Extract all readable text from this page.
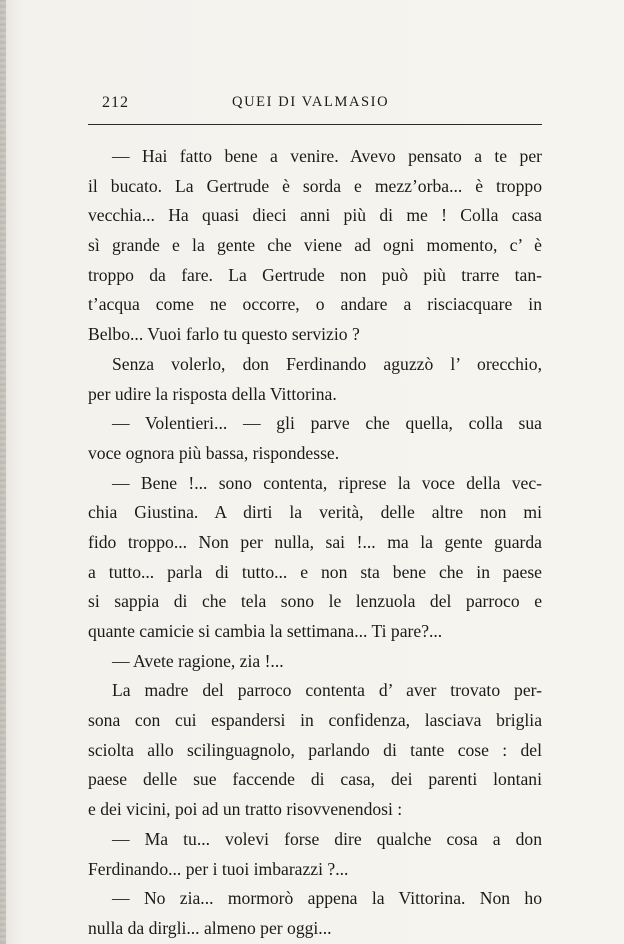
212	QUEI DI VALMASIO
— Hai fatto bene a venire. Avevo pensato a te per
il bucato. La Gertrude è sorda e mezz’orba... è troppo
vecchia... Ha quasi dieci anni più di me ! Colla casa
sì grande e la gente che viene ad ogni momento, c’ è
troppo da fare. La Gertrude non può più trarre tan-
t’acqua come ne occorre, o andare a risciacquare in
Belbo... Vuoi farlo tu questo servizio ?
Senza volerlo, don Ferdinando aguzzò l’ orecchio,
per udire la risposta della Vittorina.
— Volentieri... — gli parve che quella, colla sua
voce ognora più bassa, rispondesse.
— Bene !... sono contenta, riprese la voce della vec-
chia Giustina. A dirti la verità, delle altre non mi
fido troppo... Non per nulla, sai !... ma la gente guarda
a tutto... parla di tutto... e non sta bene che in paese
si sappia di che tela sono le lenzuola del parroco e
quante camicie si cambia la settimana... Ti pare?...
— Avete ragione, zia !...
La madre del parroco contenta d’ aver trovato per-
sona con cui espandersi in confidenza, lasciava briglia
sciolta allo scilinguagnolo, parlando di tante cose : del
paese delle sue faccende di casa, dei parenti lontani
e dei vicini, poi ad un tratto risovvenendosi :
— Ma tu... volevi forse dire qualche cosa a don
Ferdinando... per i tuoi imbarazzi ?...
— No zia... mormorò appena la Vittorina. Non ho
nulla da dirgli... almeno per oggi...
